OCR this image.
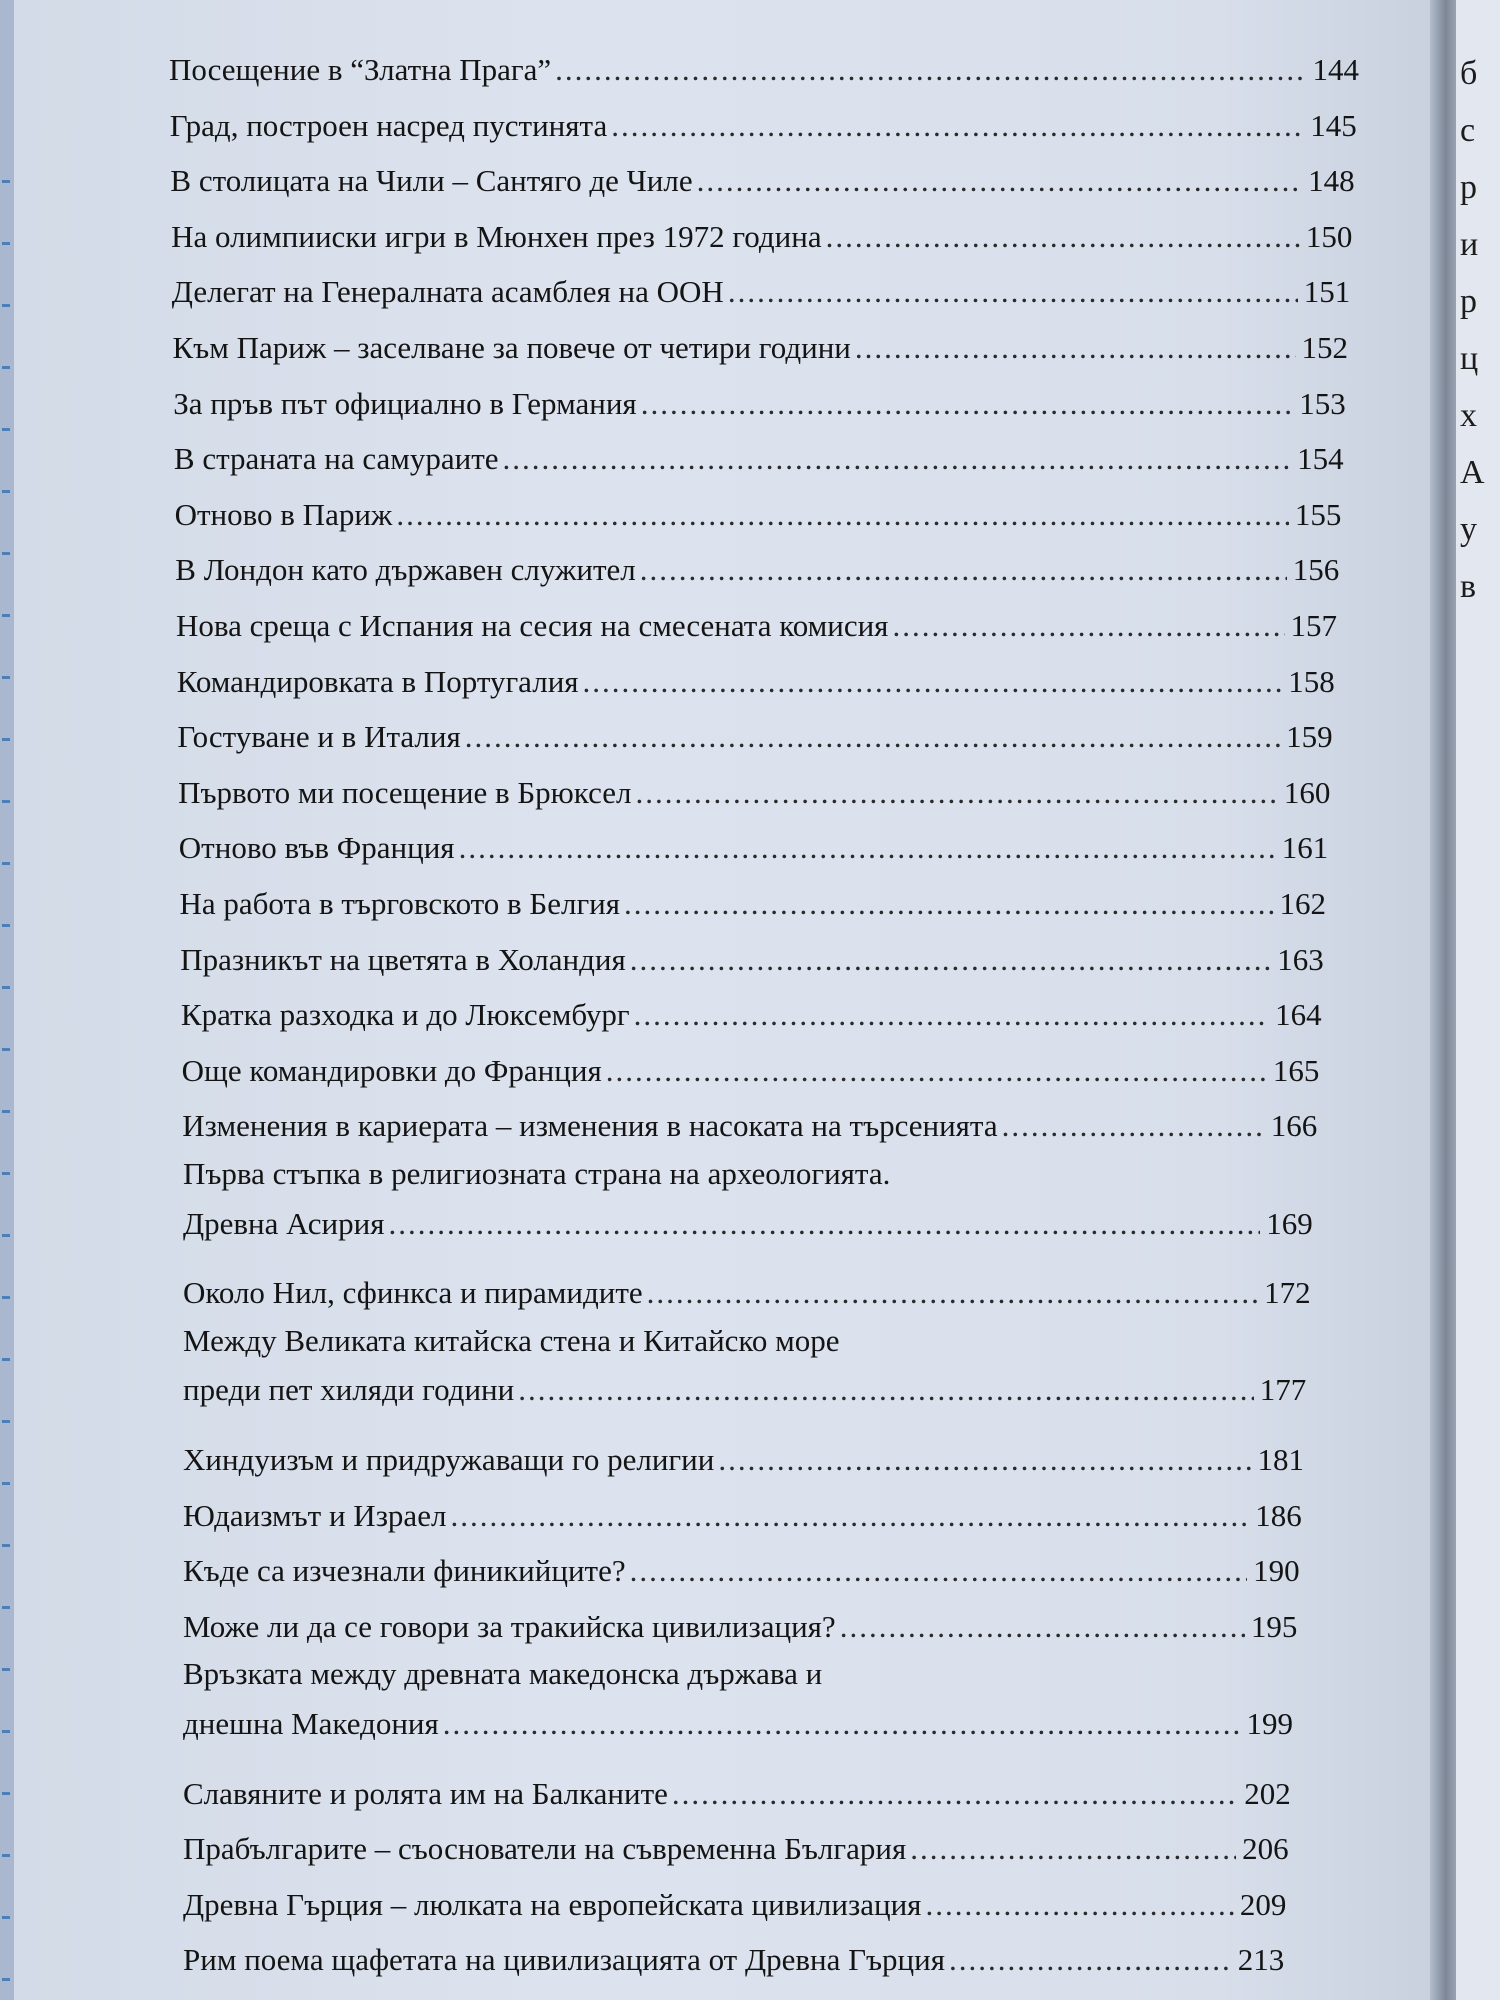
Посещение в “Златна Прага” .....	144
Град, построен насред пустинята .....	145
В столицата на Чили – Сантяго де Чиле .....	148
На олимпииски игри в Мюнхен през 1972 година .....	150
Делегат на Генералната асамблея на ООН .....	151
Към Париж – заселване за повече от четири години .....	152
За пръв път официално в Германия .....	153
В страната на самураите .....	154
Отново в Париж .....	155
В Лондон като държавен служител .....	156
Нова среща с Испания на сесия на смесената комисия .....	157
Командировката в Португалия .....	158
Гостуване и в Италия .....	159
Първото ми посещение в Брюксел .....	160
Отново във Франция .....	161
На работа в търговското в Белгия .....	162
Празникът на цветята в Холандия .....	163
Кратка разходка и до Люксембург .....	164
Още командировки до Франция .....	165
Изменения в кариерата – изменения в насоката на търсенията .....	166
Първа стъпка в религиозната страна на археологията.
Древна Асирия .....	169
Около Нил, сфинкса и пирамидите .....	172
Между Великата китайска стена и Китайско море
преди пет хиляди години .....	177
Хиндуизъм и придружаващи го религии .....	181
Юдаизмът и Израел .....	186
Къде са изчезнали финикийците? .....	190
Може ли да се говори за тракийска цивилизация? .....	195
Връзката между древната македонска държава и
днешна Македония .....	199
Славяните и ролята им на Балканите .....	202
Прабългарите – съоснователи на съвременна България .....	206
Древна Гърция – люлката на европейската цивилизация .....	209
Рим поема щафетата на цивилизацията от Древна Гърция .....	213
б
с
р
и
р
ц
х
А
у
в
